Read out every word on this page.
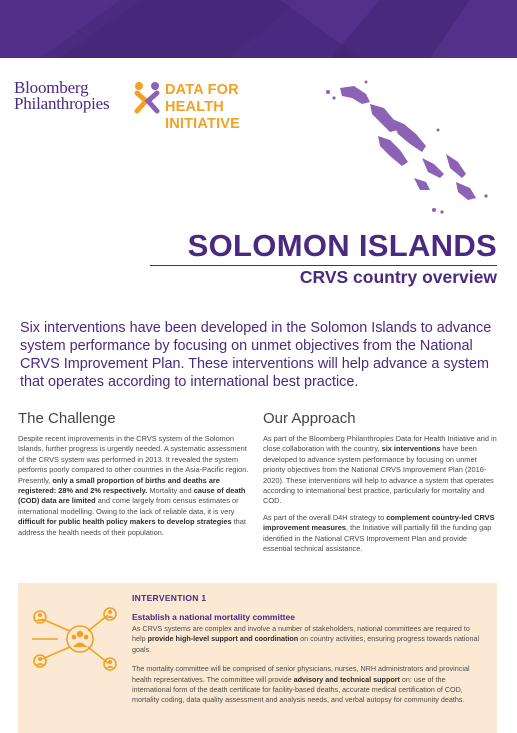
Bloomberg
Philanthropies
DATA FOR
HEALTH INITIATIVE
SOLOMON ISLANDS
CRVS country overview
Six interventions have been developed in the Solomon Islands to advance system performance by focusing on unmet objectives from the National CRVS Improvement Plan. These interventions will help advance a system that operates according to international best practice.
The Challenge

Despite recent improvements in the CRVS system of the Solomon Islands, further progress is urgently needed. A systematic assessment of the CRVS system was performed in 2013. It revealed the system performs poorly compared to other countries in the Asia-Pacific region. Presently, only a small proportion of births and deaths are registered: 28% and 2% respectively. Mortality and cause of death (COD) data are limited and come largely from census estimates or international modelling. Owing to the lack of reliable data, it is very difficult for public health policy makers to develop strategies that address the health needs of their population.

Our Approach

As part of the Bloomberg Philanthropies Data for Health Initiative and in close collaboration with the country, six interventions have been developed to advance system performance by focusing on unmet priority objectives from the National CRVS Improvement Plan (2016-2020). These interventions will help to advance a system that operates according to international best practice, particularly for mortality and COD.

As part of the overall D4H strategy to complement country-led CRVS improvement measures, the Initiative will partially fill the funding gap identified in the National CRVS Improvement Plan and provide essential technical assistance.

INTERVENTION 1
Establish a national mortality committee

As CRVS systems are complex and involve a number of stakeholders, national committees are required to help provide high-level support and coordination on country activities, ensuring progress towards national goals.

The mortality committee will be comprised of senior physicians, nurses, NRH administrators and provincial health representatives. The committee will provide advisory and technical support on: use of the international form of the death certificate for facility-based deaths, accurate medical certification of COD, mortality coding, data quality assessment and analysis needs, and verbal autopsy for community deaths.
